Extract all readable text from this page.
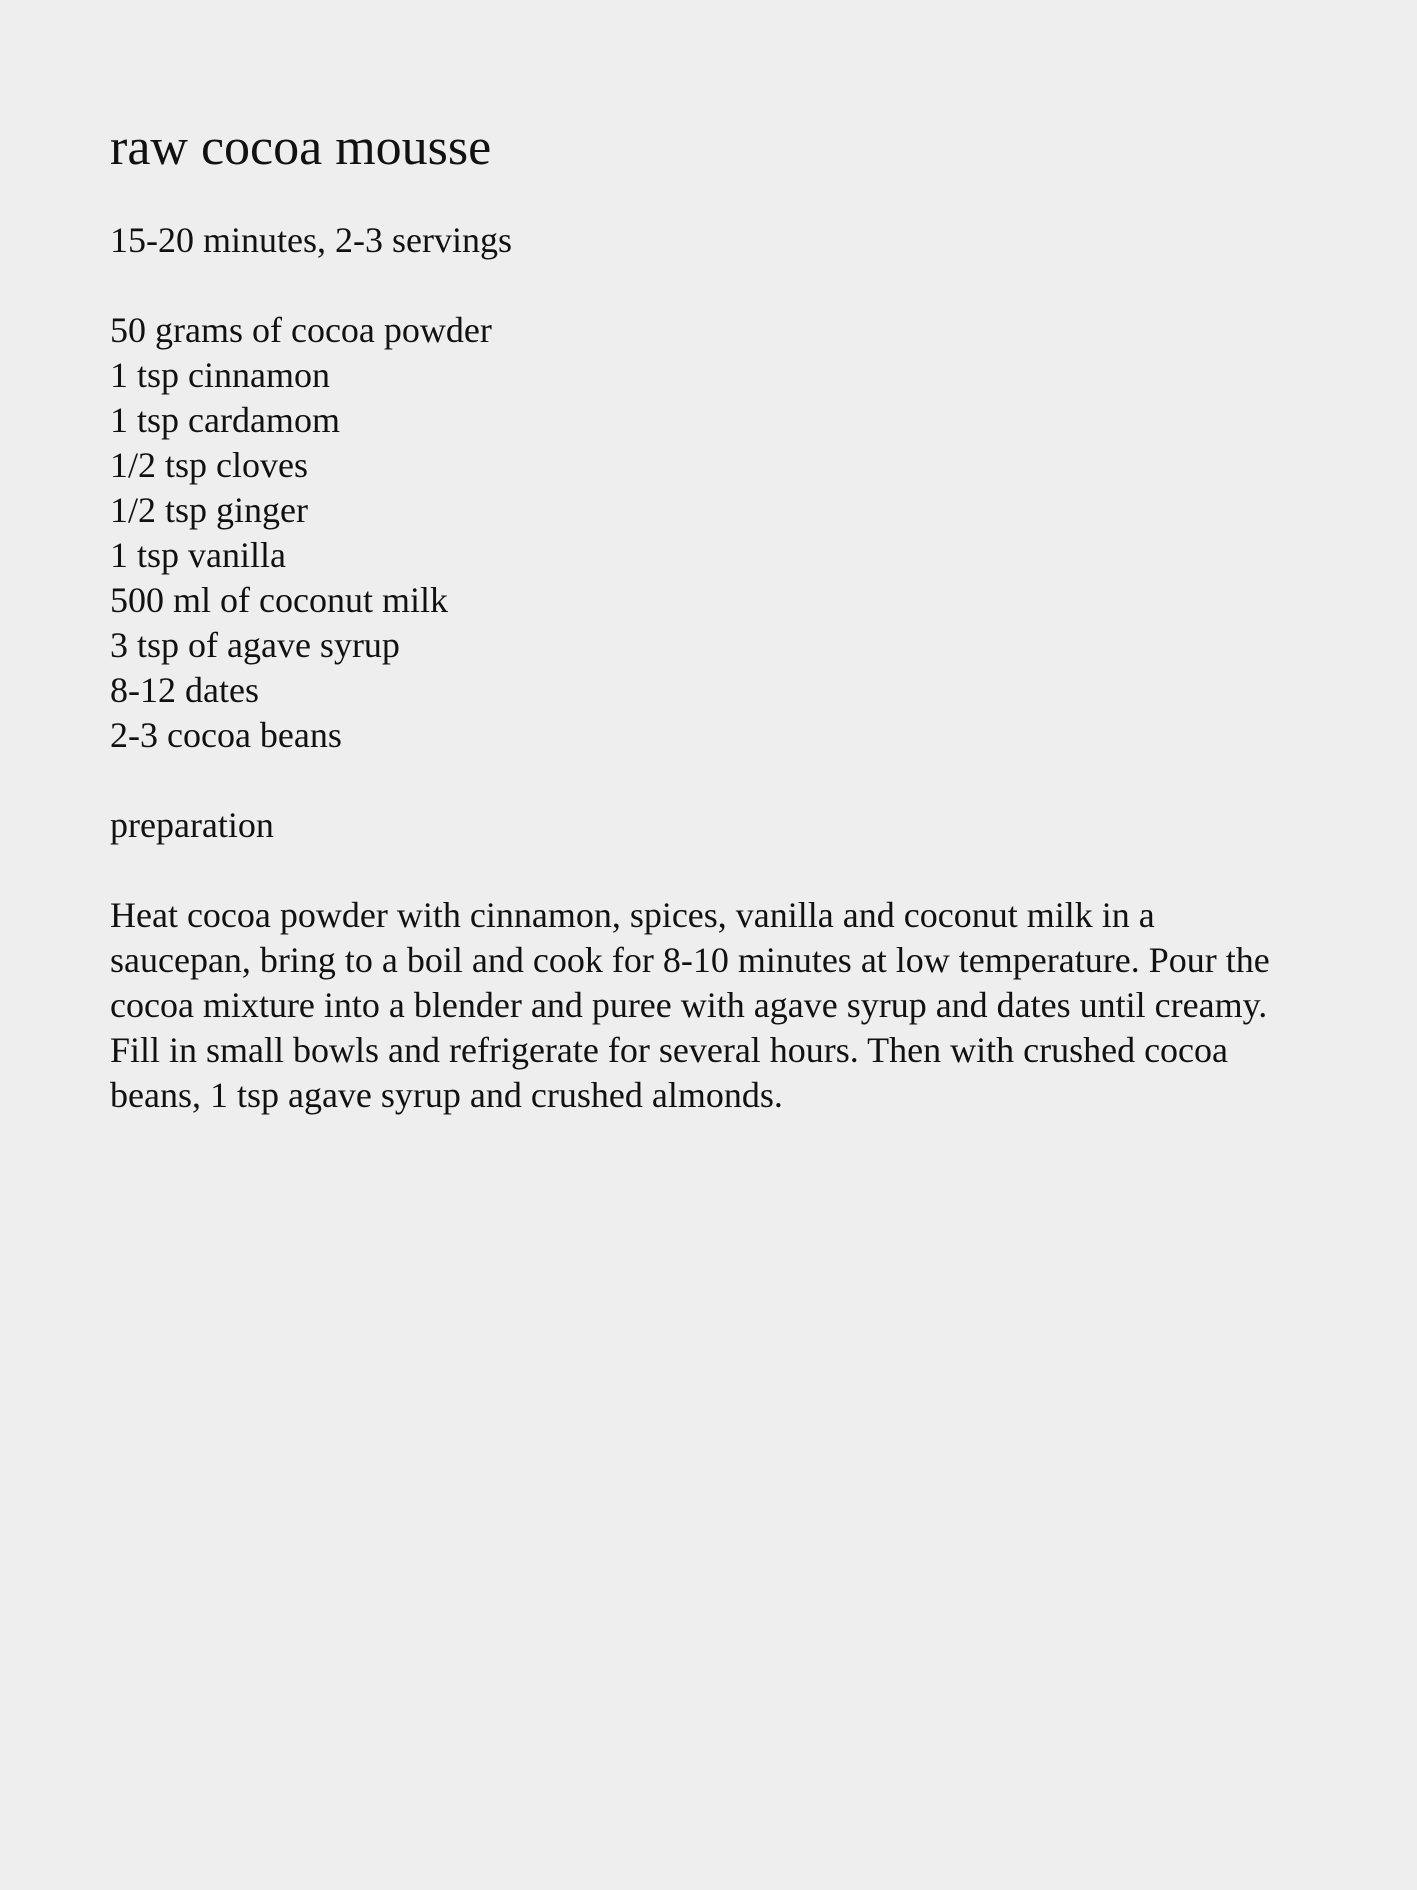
raw cocoa mousse

15-20 minutes, 2-3 servings

50 grams of cocoa powder
1 tsp cinnamon
1 tsp cardamom
1/2 tsp cloves
1/2 tsp ginger
1 tsp vanilla
500 ml of coconut milk
3 tsp of agave syrup
8-12 dates
2-3 cocoa beans
preparation

Heat cocoa powder with cinnamon, spices, vanilla and coconut milk in a saucepan, bring to a boil and cook for 8-10 minutes at low temperature. Pour the cocoa mixture into a blender and puree with agave syrup and dates until creamy.

Fill in small bowls and refrigerate for several hours. Then with crushed cocoa beans, 1 tsp agave syrup and crushed almonds.
